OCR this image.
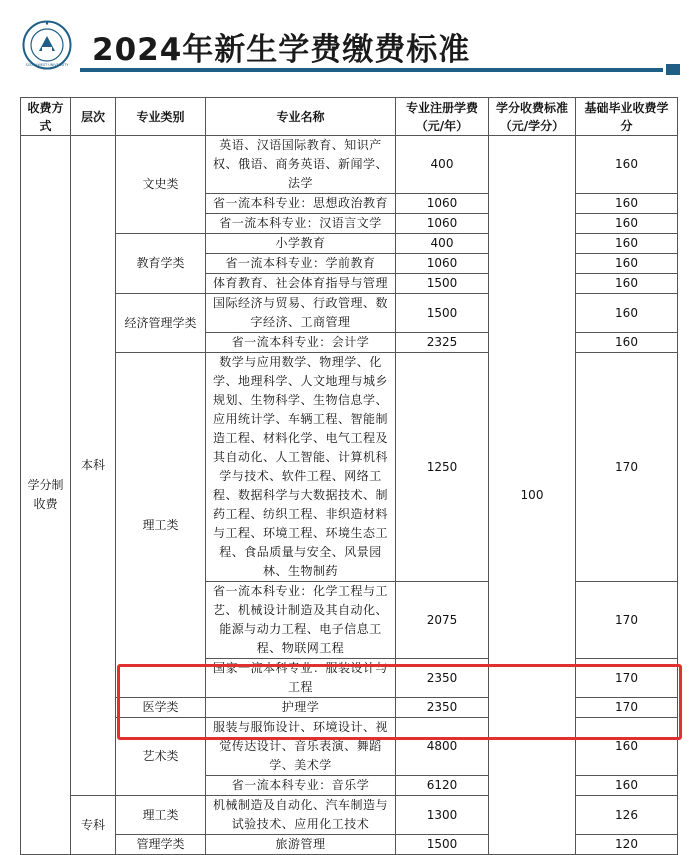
SOUTHWEST UNIVERSITY 2024年新生学费缴费标准
收费方式	层次	专业类别	专业名称	专业注册学费（元/年）	学分收费标准（元/学分）	基础毕业收费学分
学分制收费	本科	文史类	英语、汉语国际教育、知识产权、俄语、商务英语、新闻学、法学	400	100	160
			省一流本科专业：思想政治教育	1060		160
			省一流本科专业：汉语言文学	1060		160
		教育学类	小学教育	400		160
			省一流本科专业：学前教育	1060		160
			体育教育、社会体育指导与管理	1500		160
		经济管理学类	国际经济与贸易、行政管理、数字经济、工商管理	1500		160
			省一流本科专业：会计学	2325		160
		理工类	数学与应用数学、物理学、化学、地理科学、人文地理与城乡规划、生物科学、生物信息学、应用统计学、车辆工程、智能制造工程、材料化学、电气工程及其自动化、人工智能、计算机科学与技术、软件工程、网络工程、数据科学与大数据技术、制药工程、纺织工程、非织造材料与工程、环境工程、环境生态工程、食品质量与安全、风景园林、生物制药	1250		170
			省一流本科专业：化学工程与工艺、机械设计制造及其自动化、能源与动力工程、电子信息工程、物联网工程	2075		170
			国家一流本科专业：服装设计与工程	2350		170
		医学类	护理学	2350		170
		艺术类	服装与服饰设计、环境设计、视觉传达设计、音乐表演、舞蹈学、美术学	4800		160
			省一流本科专业：音乐学	6120		160
	专科	理工类	机械制造及自动化、汽车制造与试验技术、应用化工技术	1300		126
		管理学类	旅游管理	1500		120
